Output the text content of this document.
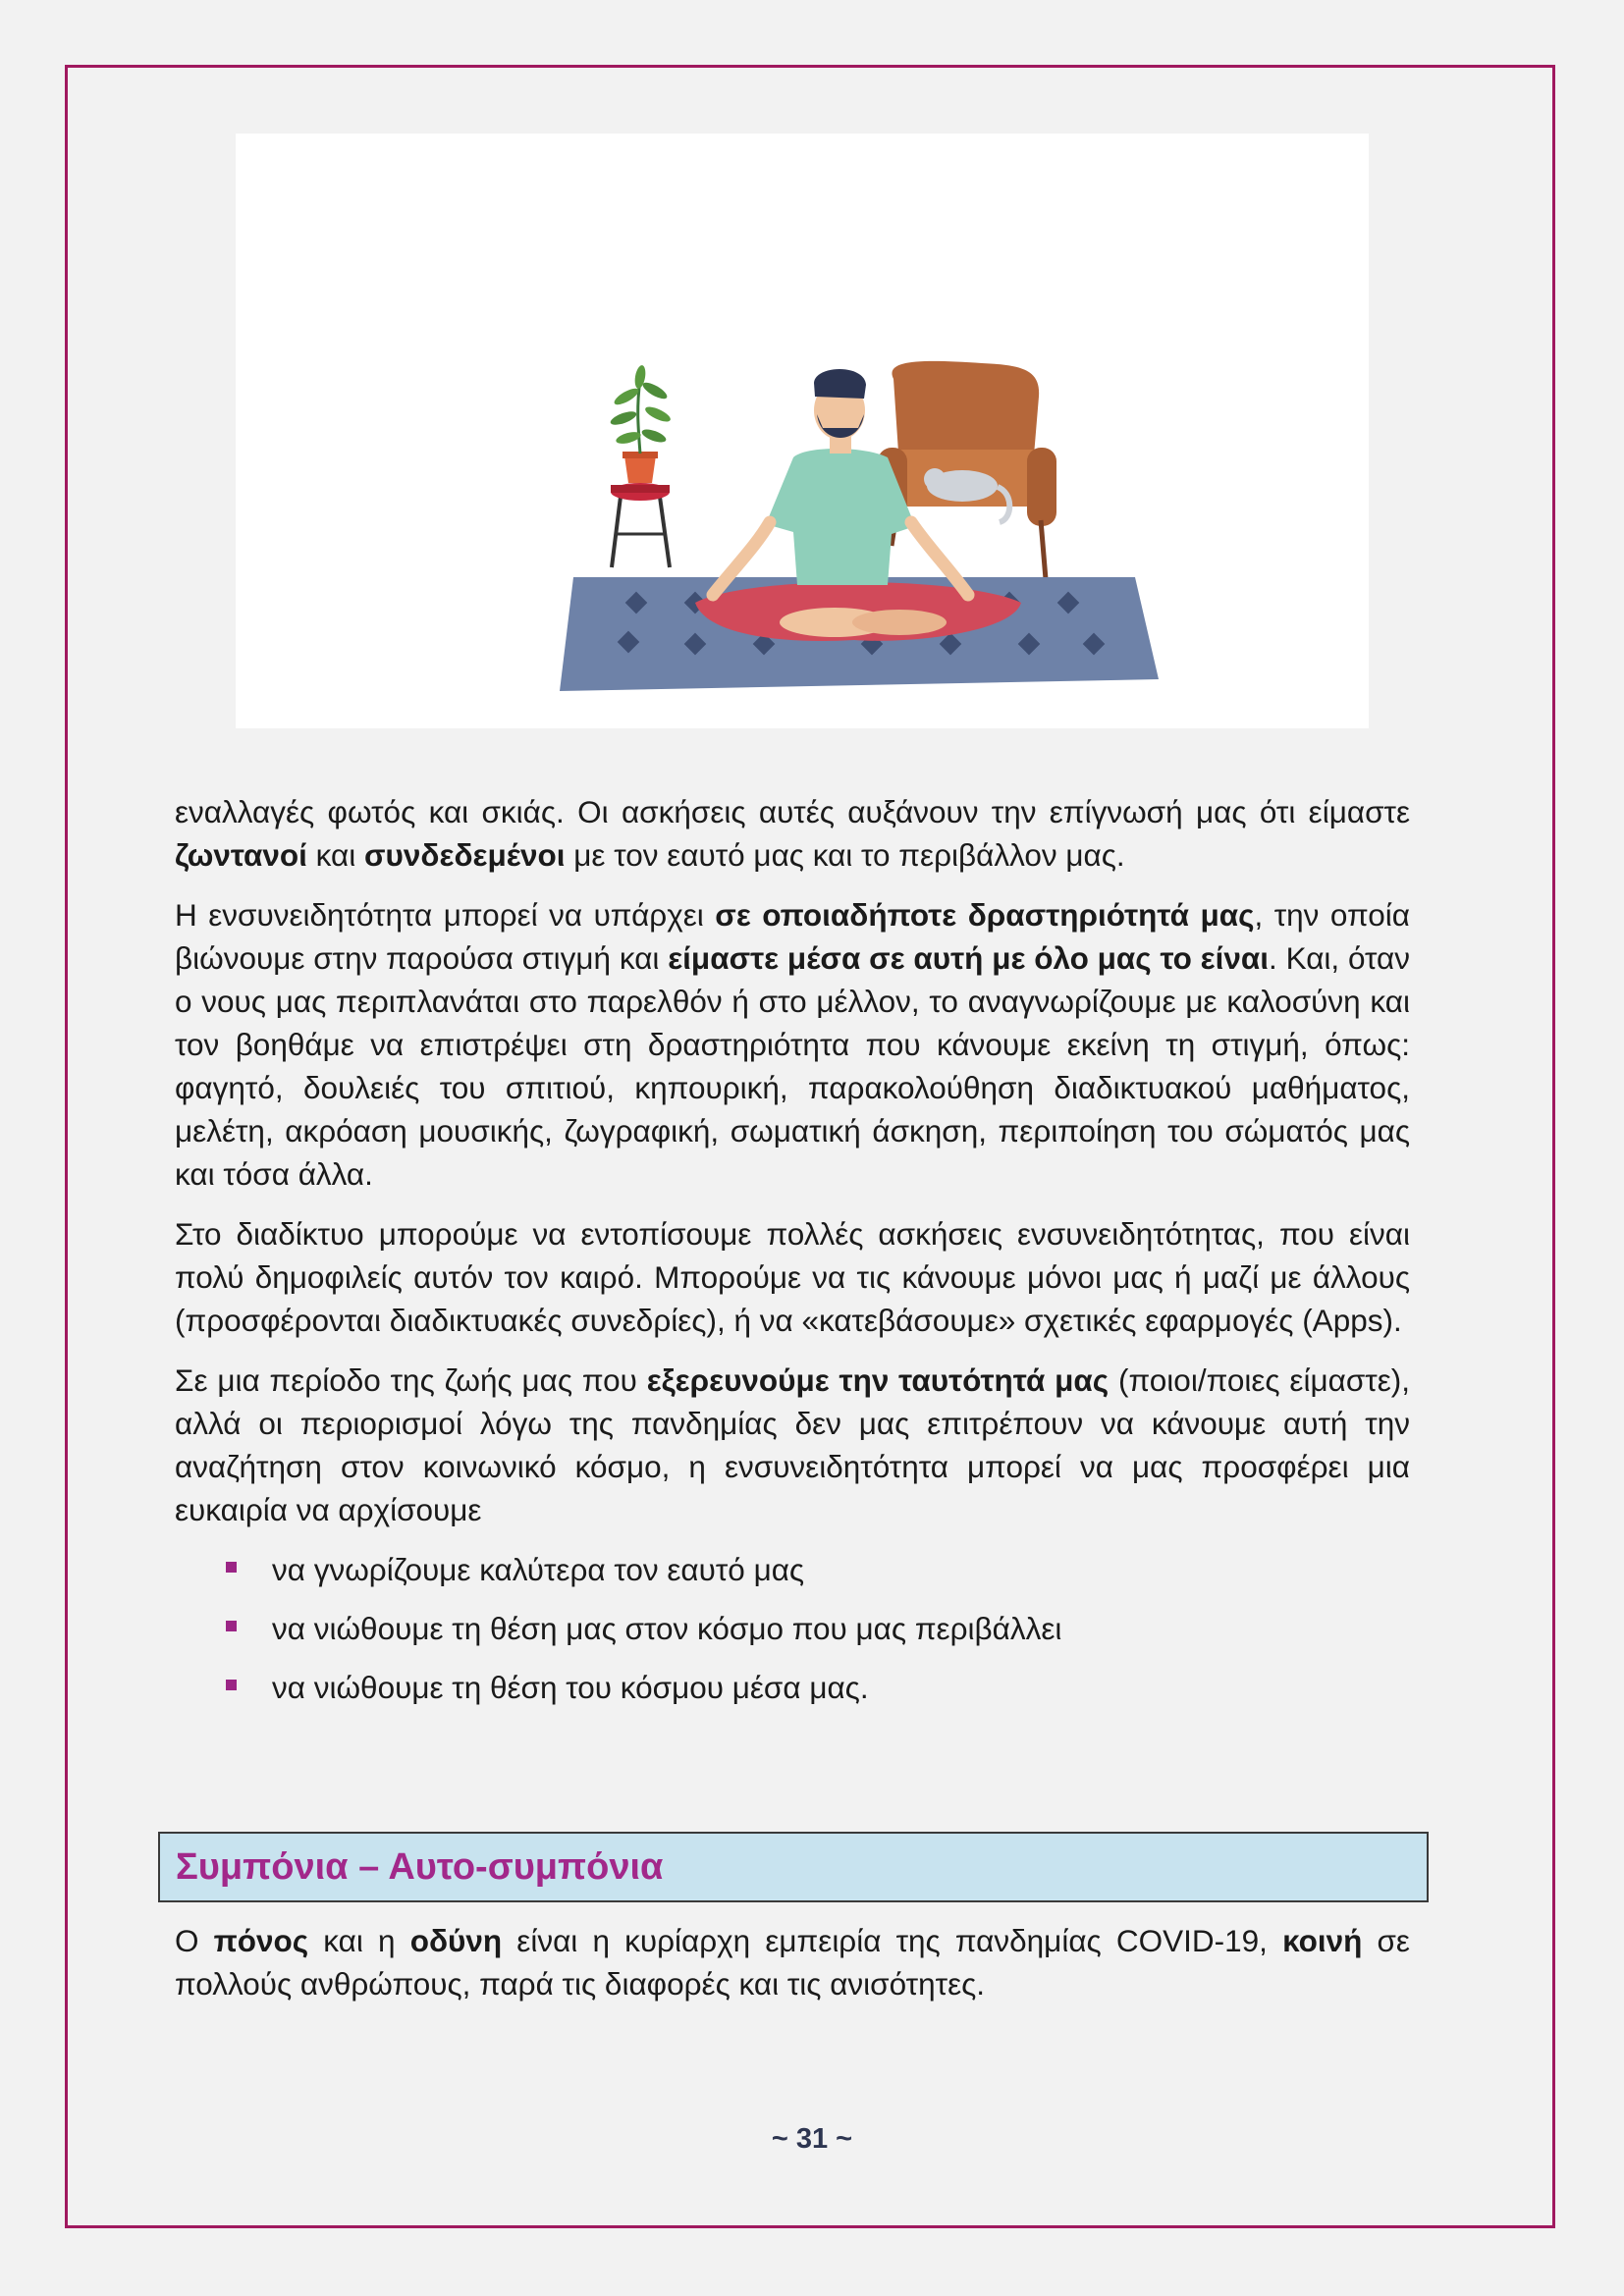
εναλλαγές φωτός και σκιάς. Οι ασκήσεις αυτές αυξάνουν την επίγνωσή μας ότι είμαστε ζωντανοί και συνδεδεμένοι με τον εαυτό μας και το περιβάλλον μας.

Η ενσυνειδητότητα μπορεί να υπάρχει σε οποιαδήποτε δραστηριότητά μας, την οποία βιώνουμε στην παρούσα στιγμή και είμαστε μέσα σε αυτή με όλο μας το είναι. Και, όταν ο νους μας περιπλανάται στο παρελθόν ή στο μέλλον, το αναγνωρίζουμε με καλοσύνη και τον βοηθάμε να επιστρέψει στη δραστηριότητα που κάνουμε εκείνη τη στιγμή, όπως: φαγητό, δουλειές του σπιτιού, κηπουρική, παρακολούθηση διαδικτυακού μαθήματος, μελέτη, ακρόαση μουσικής, ζωγραφική, σωματική άσκηση, περιποίηση του σώματός μας και τόσα άλλα.

Στο διαδίκτυο μπορούμε να εντοπίσουμε πολλές ασκήσεις ενσυνειδητότητας, που είναι πολύ δημοφιλείς αυτόν τον καιρό. Μπορούμε να τις κάνουμε μόνοι μας ή μαζί με άλλους (προσφέρονται διαδικτυακές συνεδρίες), ή να «κατεβάσουμε» σχετικές εφαρμογές (Apps).

Σε μια περίοδο της ζωής μας που εξερευνούμε την ταυτότητά μας (ποιοι/ποιες είμαστε), αλλά οι περιορισμοί λόγω της πανδημίας δεν μας επιτρέπουν να κάνουμε αυτή την αναζήτηση στον κοινωνικό κόσμο, η ενσυνειδητότητα μπορεί να μας προσφέρει μια ευκαιρία να αρχίσουμε

να γνωρίζουμε καλύτερα τον εαυτό μας
να νιώθουμε τη θέση μας στον κόσμο που μας περιβάλλει
να νιώθουμε τη θέση του κόσμου μέσα μας.
Συμπόνια – Αυτο-συμπόνια

Ο πόνος και η οδύνη είναι η κυρίαρχη εμπειρία της πανδημίας COVID-19, κοινή σε πολλούς ανθρώπους, παρά τις διαφορές και τις ανισότητες.

~ 31 ~
